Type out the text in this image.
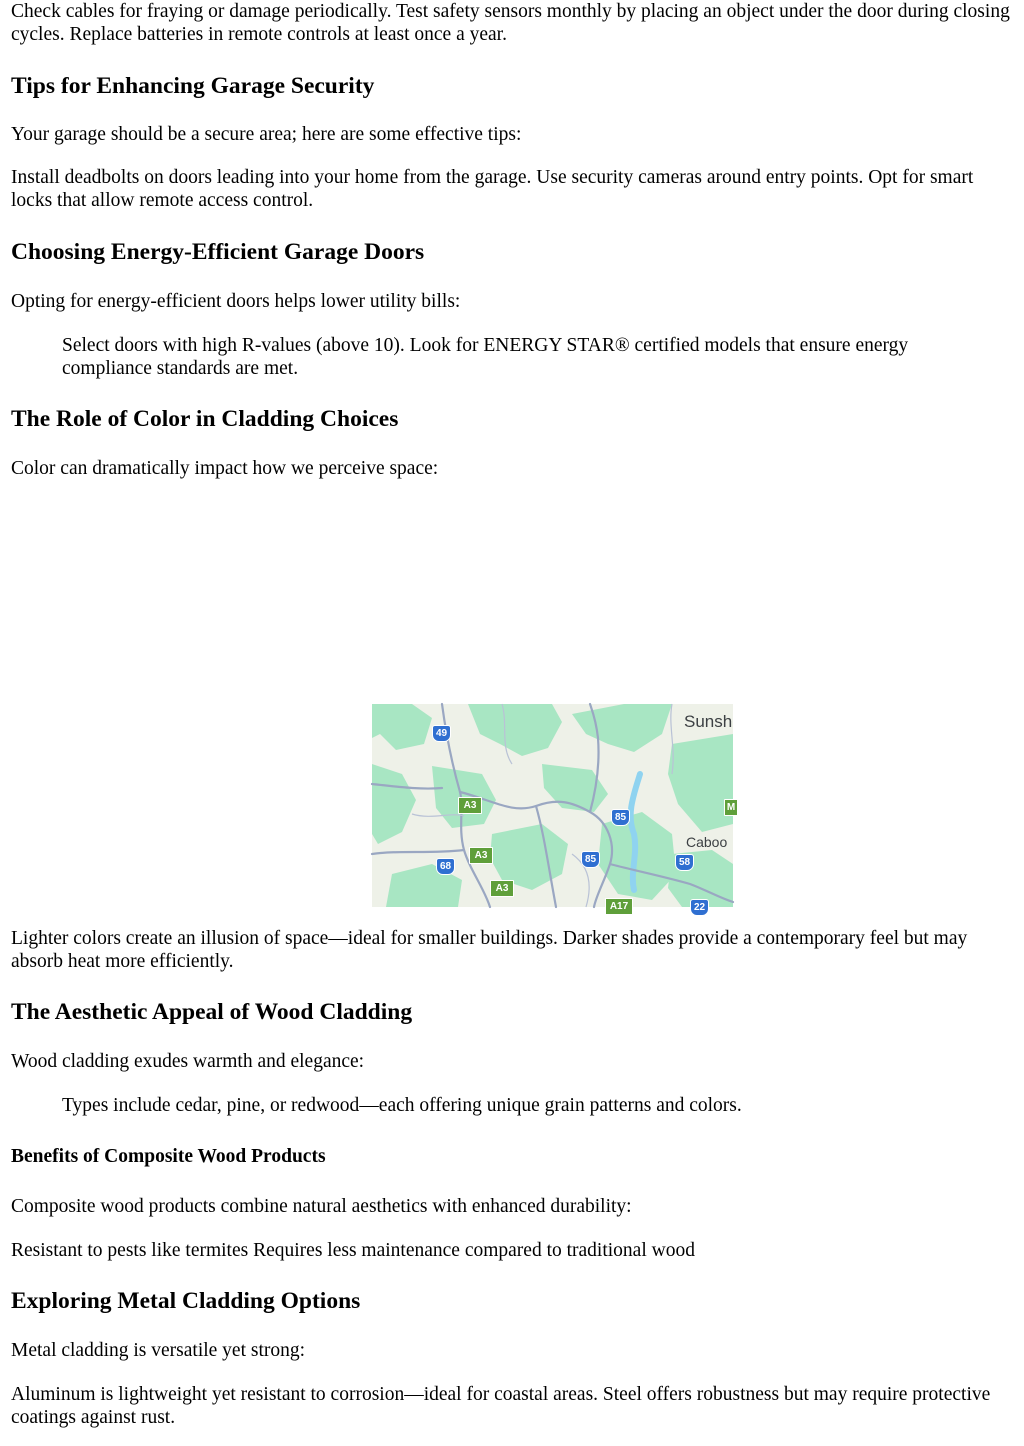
Check cables for fraying or damage periodically. Test safety sensors monthly by placing an object under the door during closing cycles. Replace batteries in remote controls at least once a year.

Tips for Enhancing Garage Security

Your garage should be a secure area; here are some effective tips:

Install deadbolts on doors leading into your home from the garage. Use security cameras around entry points. Opt for smart locks that allow remote access control.

Choosing Energy-Efficient Garage Doors

Opting for energy-efficient doors helps lower utility bills:

Select doors with high R-values (above 10). Look for ENERGY STAR® certified models that ensure energy compliance standards are met.

The Role of Color in Cladding Choices

Color can dramatically impact how we perceive space:

Sunsh
Caboo
49
A3
85
A3
68
85	58
A3
A17	22
M

Lighter colors create an illusion of space—ideal for smaller buildings. Darker shades provide a contemporary feel but may absorb heat more efficiently.

The Aesthetic Appeal of Wood Cladding

Wood cladding exudes warmth and elegance:

Types include cedar, pine, or redwood—each offering unique grain patterns and colors.

Benefits of Composite Wood Products

Composite wood products combine natural aesthetics with enhanced durability:

Resistant to pests like termites Requires less maintenance compared to traditional wood

Exploring Metal Cladding Options

Metal cladding is versatile yet strong:

Aluminum is lightweight yet resistant to corrosion—ideal for coastal areas. Steel offers robustness but may require protective coatings against rust.
